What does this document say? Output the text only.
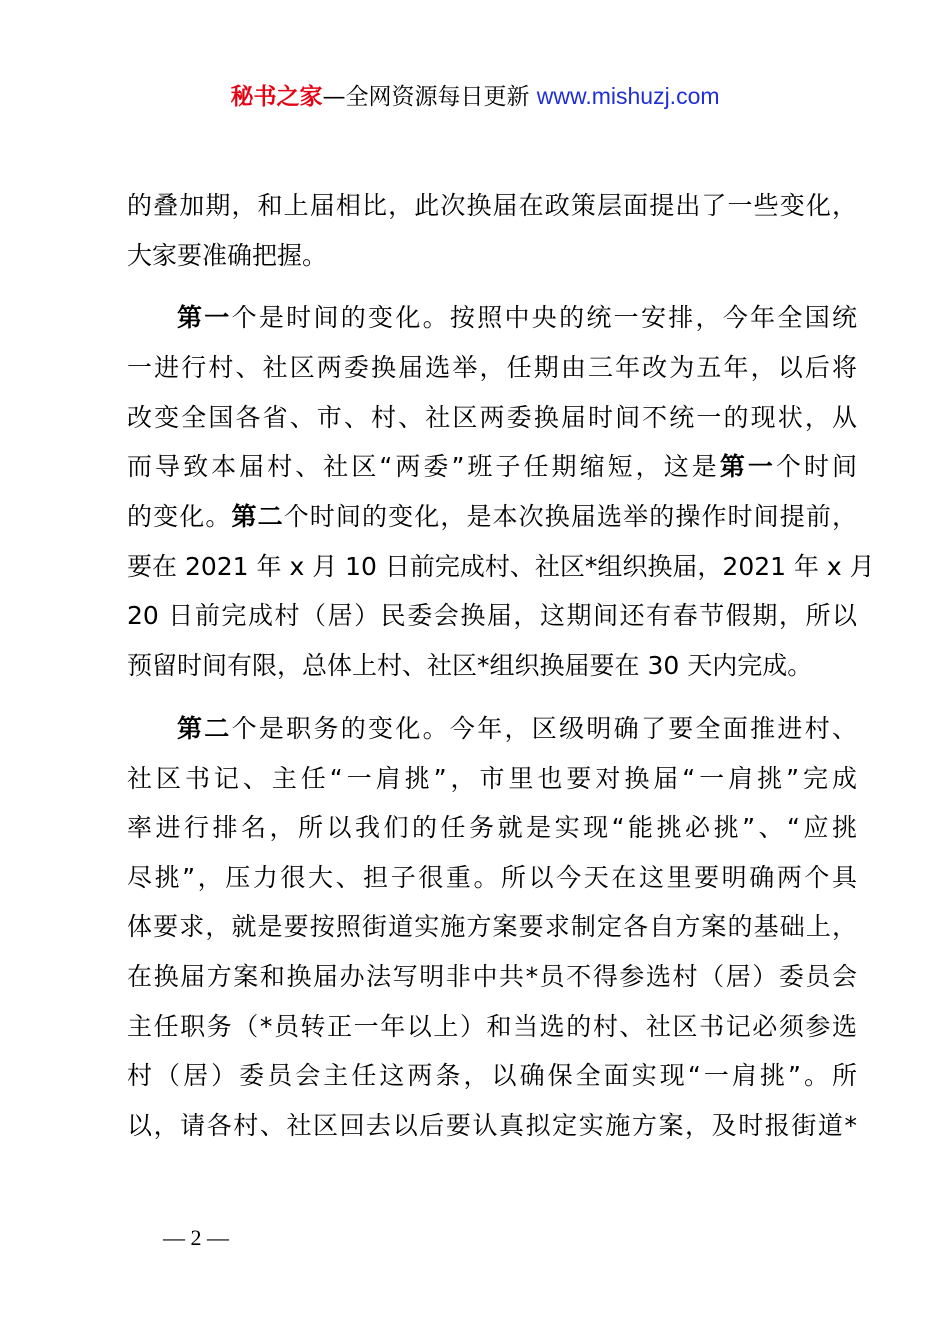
秘书之家—全网资源每日更新 www.mishuzj.com
的叠加期，和上届相比，此次换届在政策层面提出了一些变化，
大家要准确把握。
第一个是时间的变化。按照中央的统一安排，今年全国统
一进行村、社区两委换届选举，任期由三年改为五年，以后将
改变全国各省、市、村、社区两委换届时间不统一的现状，从
而导致本届村、社区“两委”班子任期缩短，这是第一个时间
的变化。第二个时间的变化，是本次换届选举的操作时间提前，
要在 2021 年 x 月 10 日前完成村、社区*组织换届，2021 年 x 月
20 日前完成村（居）民委会换届，这期间还有春节假期，所以
预留时间有限，总体上村、社区*组织换届要在 30 天内完成。
第二个是职务的变化。今年，区级明确了要全面推进村、
社区书记、主任“一肩挑”，市里也要对换届“一肩挑”完成
率进行排名，所以我们的任务就是实现“能挑必挑”、“应挑
尽挑”，压力很大、担子很重。所以今天在这里要明确两个具
体要求，就是要按照街道实施方案要求制定各自方案的基础上，
在换届方案和换届办法写明非中共*员不得参选村（居）委员会
主任职务（*员转正一年以上）和当选的村、社区书记必须参选
村（居）委员会主任这两条，以确保全面实现“一肩挑”。所
以，请各村、社区回去以后要认真拟定实施方案，及时报街道*
— 2 —
